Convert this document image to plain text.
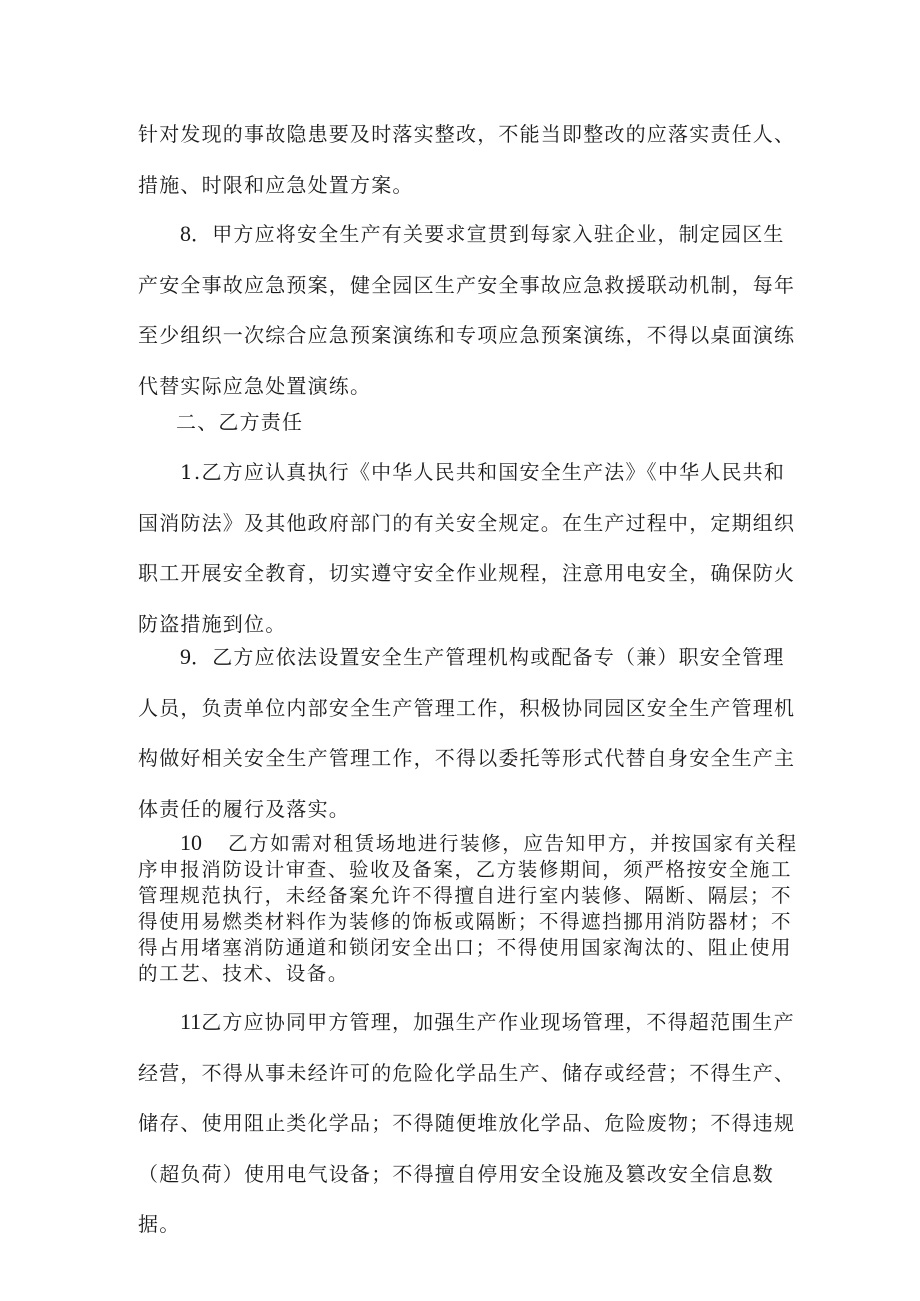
针对发现的事故隐患要及时落实整改，不能当即整改的应落实责任人、措施、时限和应急处置方案。

8．甲方应将安全生产有关要求宣贯到每家入驻企业，制定园区生产安全事故应急预案，健全园区生产安全事故应急救援联动机制，每年至少组织一次综合应急预案演练和专项应急预案演练，不得以桌面演练代替实际应急处置演练。

二、乙方责任

1.乙方应认真执行《中华人民共和国安全生产法》《中华人民共和国消防法》及其他政府部门的有关安全规定。在生产过程中，定期组织职工开展安全教育，切实遵守安全作业规程，注意用电安全，确保防火防盗措施到位。

9．乙方应依法设置安全生产管理机构或配备专（兼）职安全管理人员，负责单位内部安全生产管理工作，积极协同园区安全生产管理机构做好相关安全生产管理工作，不得以委托等形式代替自身安全生产主体责任的履行及落实。

10 乙方如需对租赁场地进行装修，应告知甲方，并按国家有关程序申报消防设计审查、验收及备案，乙方装修期间，须严格按安全施工管理规范执行，未经备案允许不得擅自进行室内装修、隔断、隔层；不得使用易燃类材料作为装修的饰板或隔断；不得遮挡挪用消防器材；不得占用堵塞消防通道和锁闭安全出口；不得使用国家淘汰的、阻止使用的工艺、技术、设备。

11乙方应协同甲方管理，加强生产作业现场管理，不得超范围生产经营，不得从事未经许可的危险化学品生产、储存或经营；不得生产、储存、使用阻止类化学品；不得随便堆放化学品、危险废物；不得违规（超负荷）使用电气设备；不得擅自停用安全设施及篡改安全信息数据。
